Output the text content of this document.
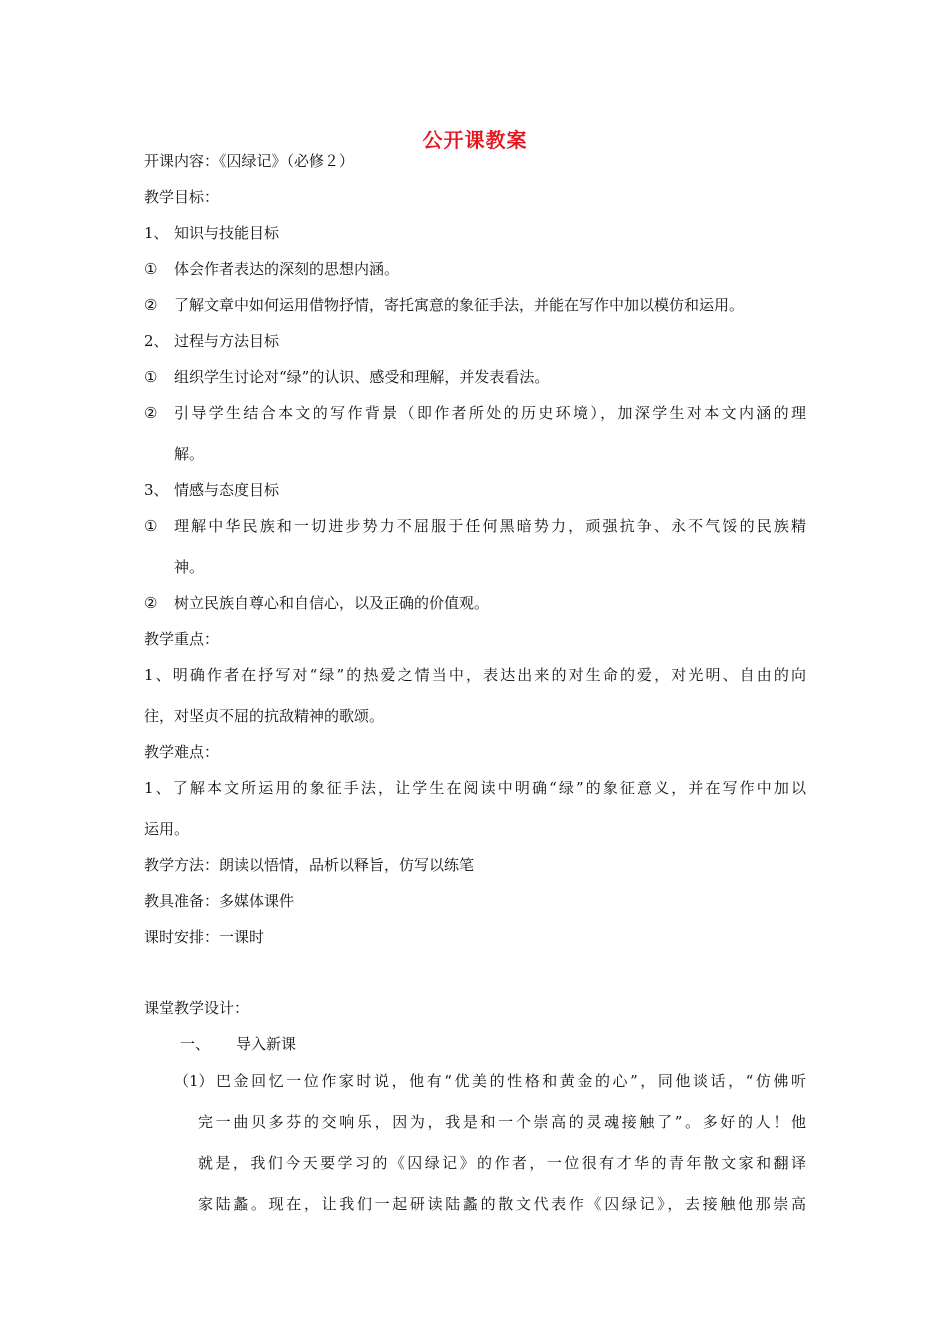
公开课教案
开课内容：《囚绿记》（必修２）
教学目标：
1、 知识与技能目标
① 体会作者表达的深刻的思想内涵。
② 了解文章中如何运用借物抒情，寄托寓意的象征手法，并能在写作中加以模仿和运用。
2、 过程与方法目标
① 组织学生讨论对“绿”的认识、感受和理解，并发表看法。
② 引导学生结合本文的写作背景（即作者所处的历史环境），加深学生对本文内涵的理
解。
3、 情感与态度目标
① 理解中华民族和一切进步势力不屈服于任何黑暗势力，顽强抗争、永不气馁的民族精
神。
② 树立民族自尊心和自信心，以及正确的价值观。
教学重点：
1、明确作者在抒写对“绿”的热爱之情当中，表达出来的对生命的爱，对光明、自由的向
往，对坚贞不屈的抗敌精神的歌颂。
教学难点：
1、了解本文所运用的象征手法，让学生在阅读中明确“绿”的象征意义，并在写作中加以
运用。
教学方法：朗读以悟情，品析以释旨，仿写以练笔
教具准备：多媒体课件
课时安排：一课时
课堂教学设计：
一、 导入新课
（1） 巴金回忆一位作家时说，他有“优美的性格和黄金的心”，同他谈话，“仿佛听
完一曲贝多芬的交响乐，因为，我是和一个崇高的灵魂接触了”。多好的人！他
就是，我们今天要学习的《囚绿记》的作者，一位很有才华的青年散文家和翻译
家陆蠡。现在，让我们一起研读陆蠡的散文代表作《囚绿记》，去接触他那崇高
